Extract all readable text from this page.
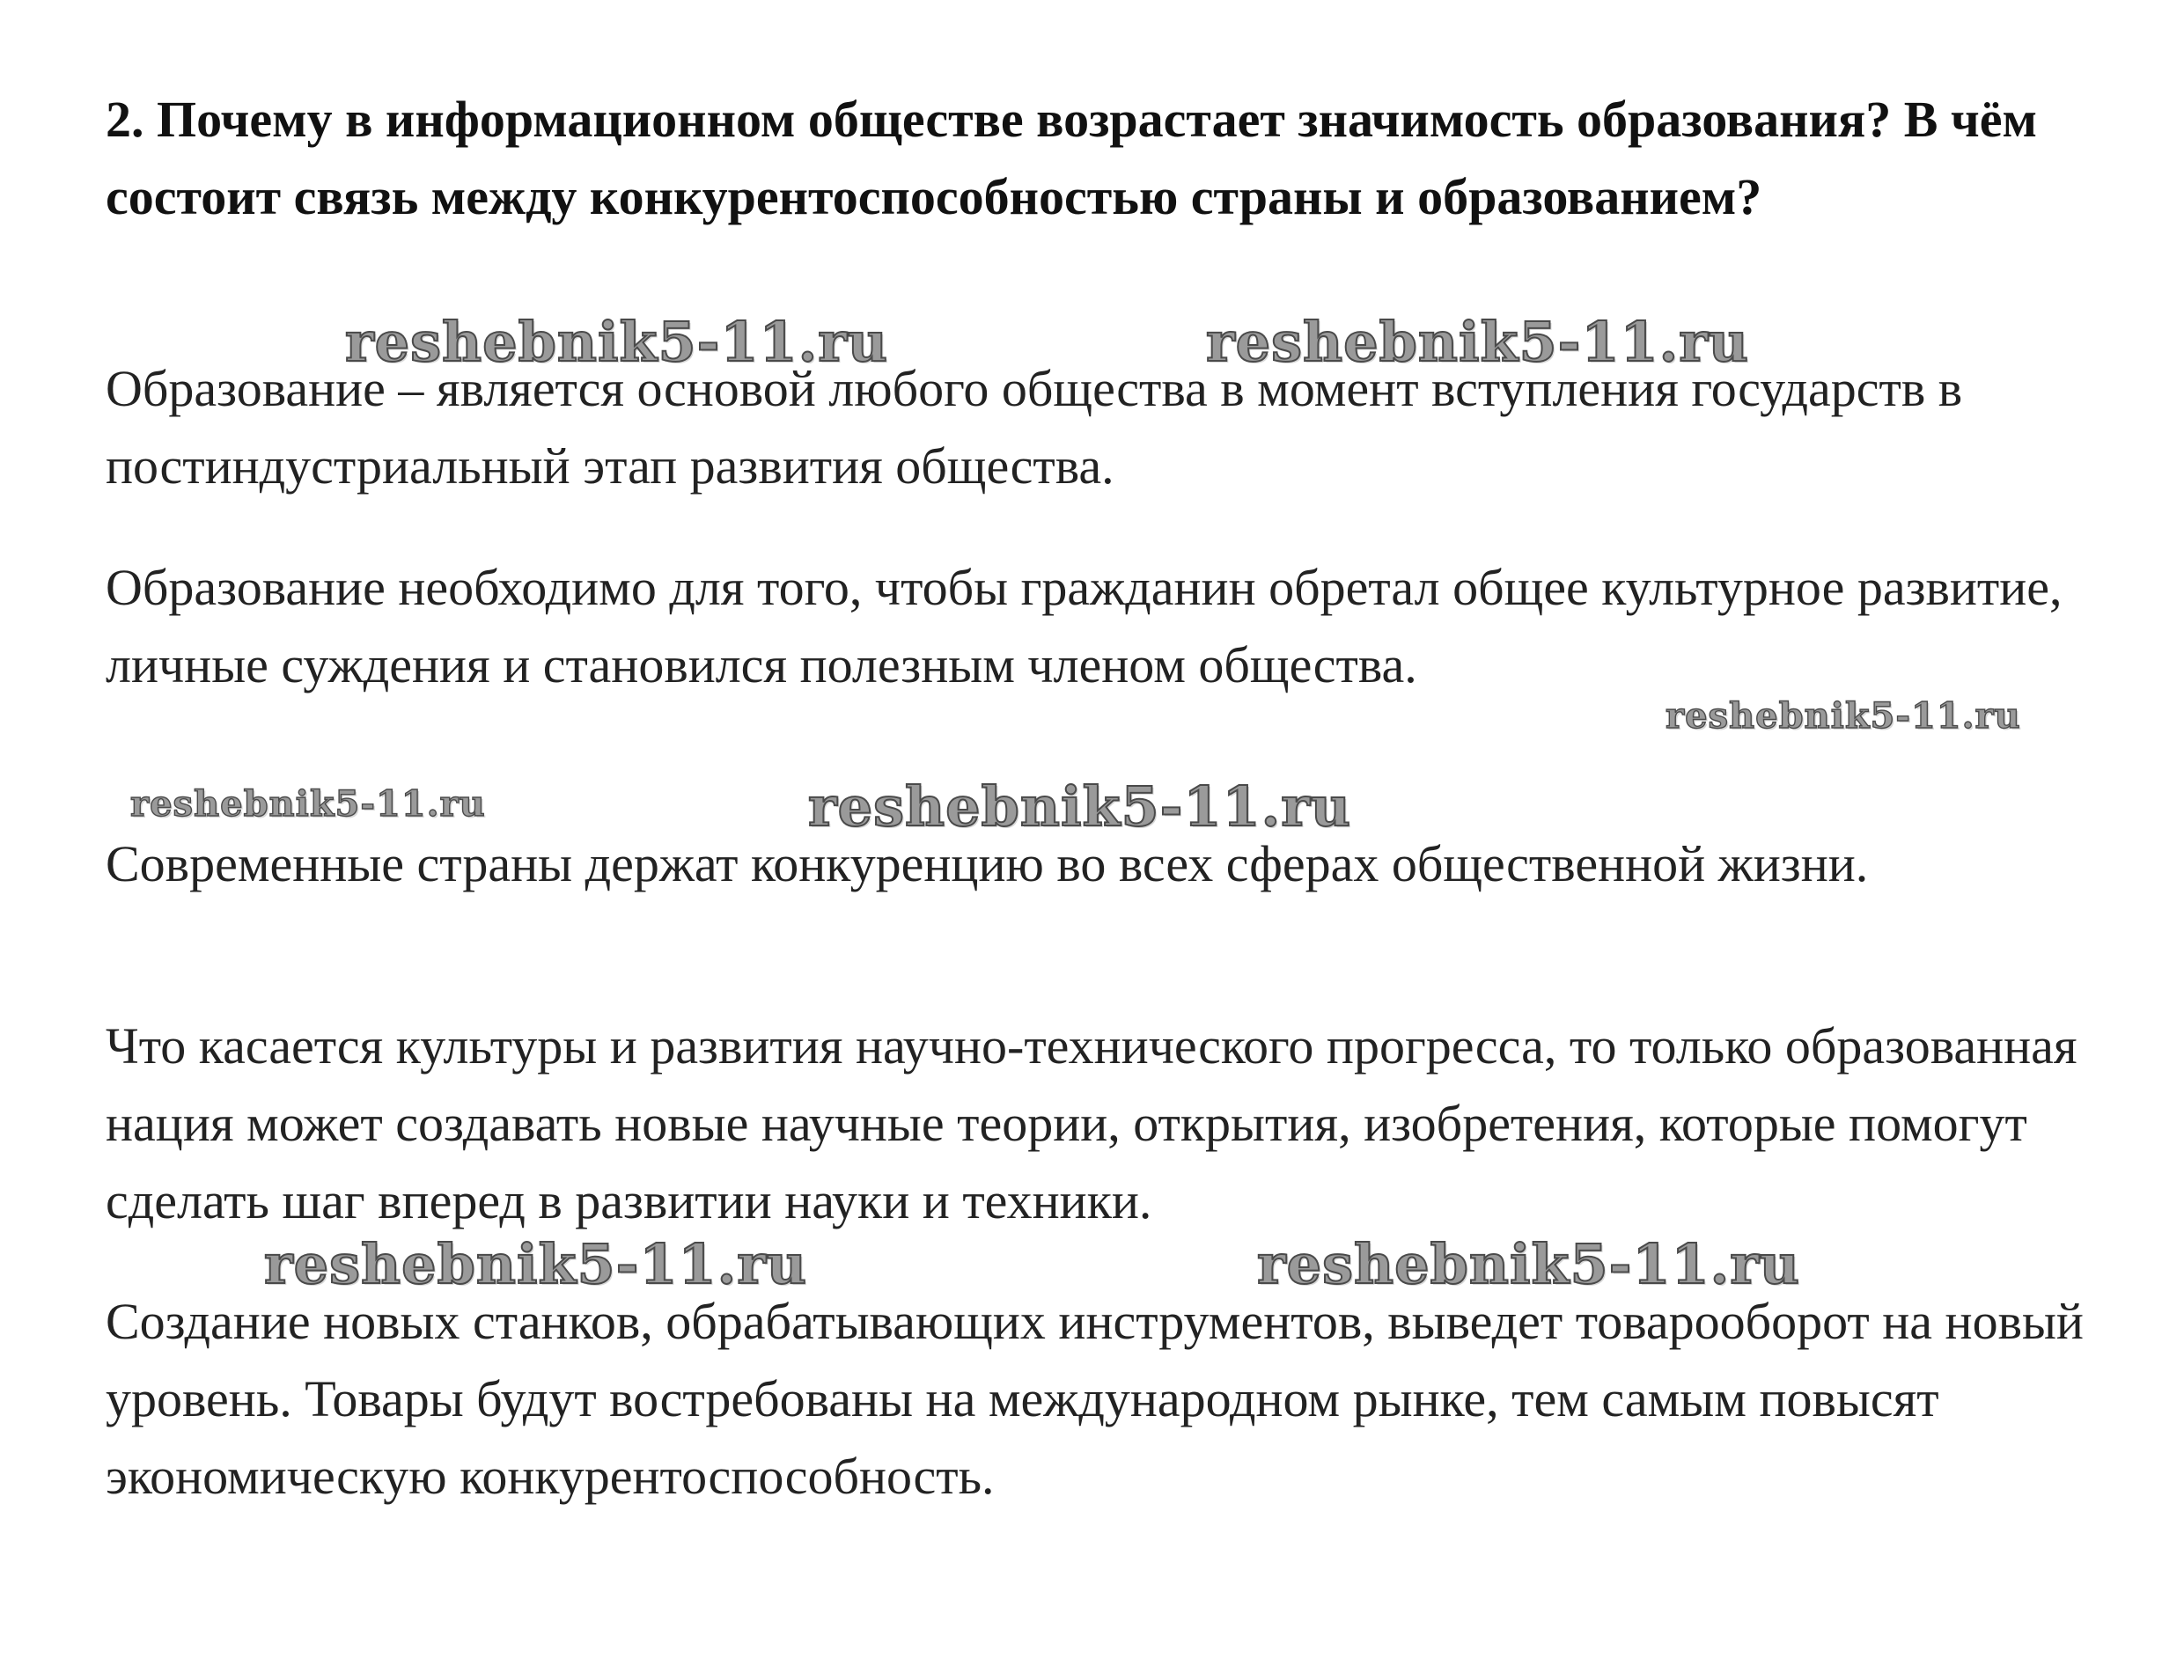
2. Почему в информационном обществе возрастает значимость образования? В чём состоит связь между конкурентоспособностью страны и образованием?

Образование – является основой любого общества в момент вступления государств в постиндустриальный этап развития общества.

Образование необходимо для того, чтобы гражданин обретал общее культурное развитие, личные суждения и становился полезным членом общества.

Современные страны держат конкуренцию во всех сферах общественной жизни.

Что касается культуры и развития научно-технического прогресса, то только образованная нация может создавать новые научные теории, открытия, изобретения, которые помогут сделать шаг вперед в развитии науки и техники.

Создание новых станков, обрабатывающих инструментов, выведет товарооборот на новый уровень. Товары будут востребованы на международном рынке, тем самым повысят экономическую конкурентоспособность.

reshebnik5-11.ru	reshebnik5-11.ru
reshebnik5-11.ru
reshebnik5-11.ru	reshebnik5-11.ru
reshebnik5-11.ru	reshebnik5-11.ru
